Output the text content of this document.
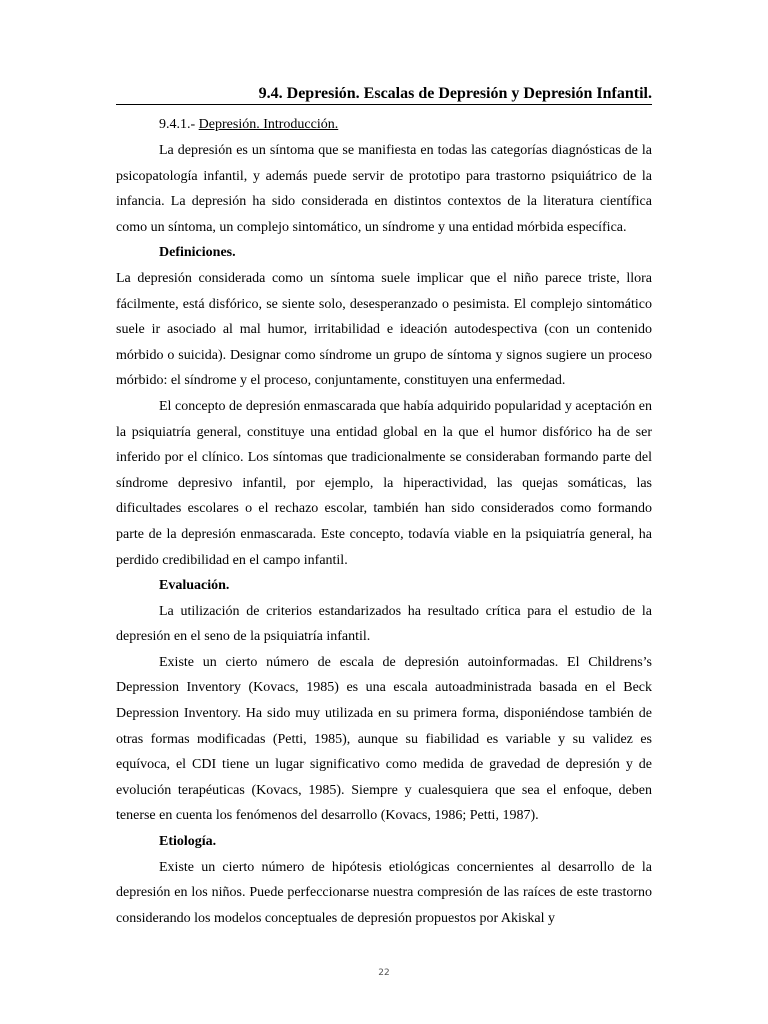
9.4. Depresión. Escalas de Depresión y Depresión Infantil.
9.4.1.- Depresión. Introducción.

La depresión es un síntoma que se manifiesta en todas las categorías diagnósticas de la psicopatología infantil, y además puede servir de prototipo para trastorno psiquiátrico de la infancia. La depresión ha sido considerada en distintos contextos de la literatura científica como un síntoma, un complejo sintomático, un síndrome y una entidad mórbida específica.

Definiciones.

La depresión considerada como un síntoma suele implicar que el niño parece triste, llora fácilmente, está disfórico, se siente solo, desesperanzado o pesimista. El complejo sintomático suele ir asociado al mal humor, irritabilidad e ideación autodespectiva (con un contenido mórbido o suicida). Designar como síndrome un grupo de síntoma y signos sugiere un proceso mórbido: el síndrome y el proceso, conjuntamente, constituyen una enfermedad.

El concepto de depresión enmascarada que había adquirido popularidad y aceptación en la psiquiatría general, constituye una entidad global en la que el humor disfórico ha de ser inferido por el clínico. Los síntomas que tradicionalmente se consideraban formando parte del síndrome depresivo infantil, por ejemplo, la hiperactividad, las quejas somáticas, las dificultades escolares o el rechazo escolar, también han sido considerados como formando parte de la depresión enmascarada. Este concepto, todavía viable en la psiquiatría general, ha perdido credibilidad en el campo infantil.

Evaluación.

La utilización de criterios estandarizados ha resultado crítica para el estudio de la depresión en el seno de la psiquiatría infantil.

Existe un cierto número de escala de depresión autoinformadas. El Childrens’s Depression Inventory (Kovacs, 1985) es una escala autoadministrada basada en el Beck Depression Inventory. Ha sido muy utilizada en su primera forma, disponiéndose también de otras formas modificadas (Petti, 1985), aunque su fiabilidad es variable y su validez es equívoca, el CDI tiene un lugar significativo como medida de gravedad de depresión y de evolución terapéuticas (Kovacs, 1985). Siempre y cualesquiera que sea el enfoque, deben tenerse en cuenta los fenómenos del desarrollo (Kovacs, 1986; Petti, 1987).

Etiología.

Existe un cierto número de hipótesis etiológicas concernientes al desarrollo de la depresión en los niños. Puede perfeccionarse nuestra compresión de las raíces de este trastorno considerando los modelos conceptuales de depresión propuestos por Akiskal y

22
